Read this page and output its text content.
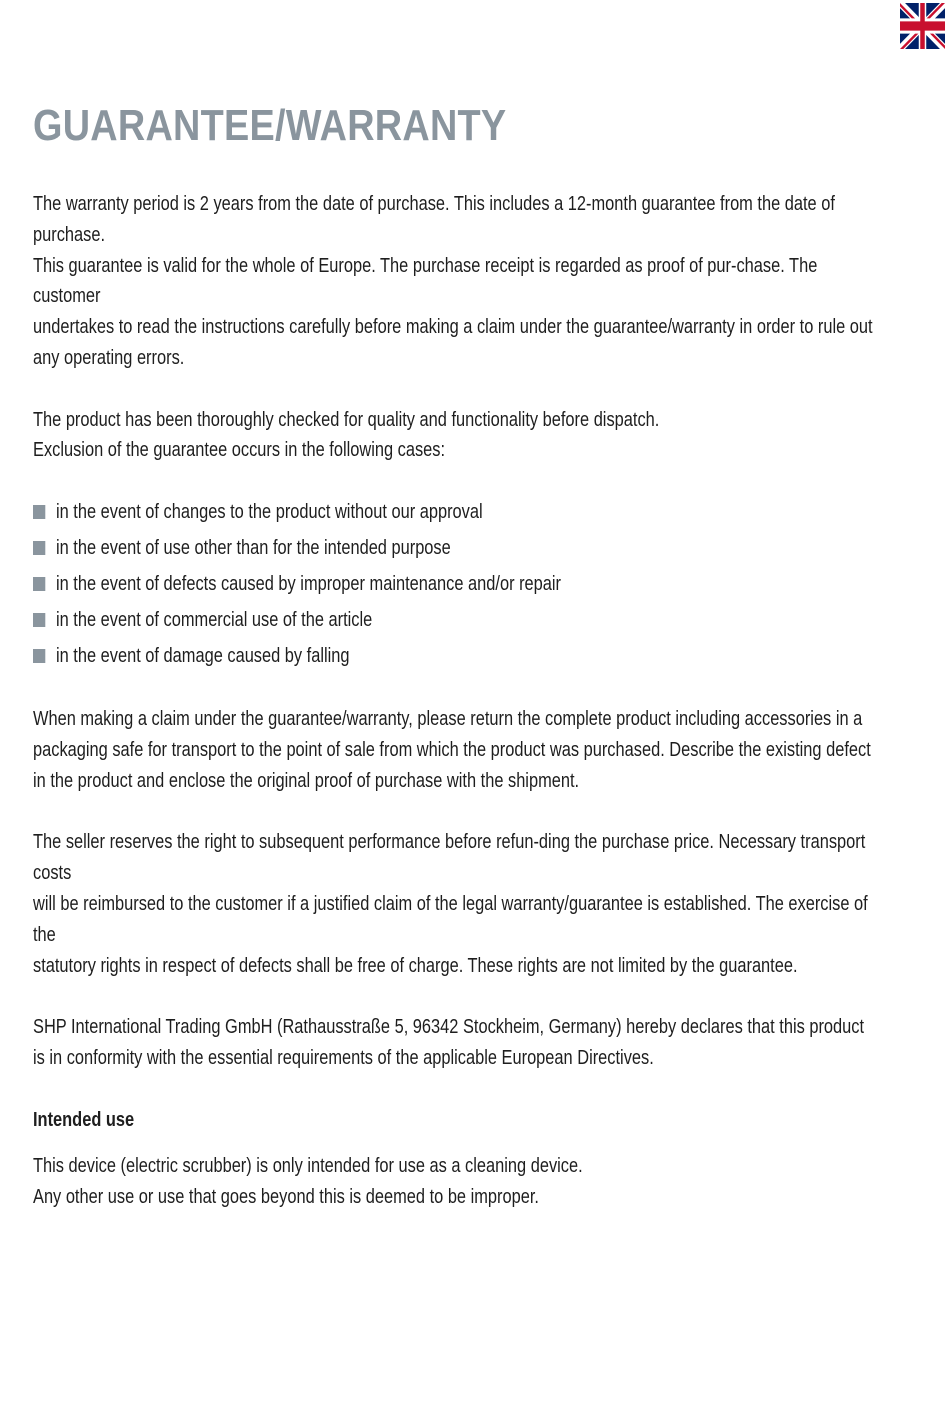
GUARANTEE/WARRANTY

The warranty period is 2 years from the date of purchase. This includes a 12-month guarantee from the date of purchase.
This guarantee is valid for the whole of Europe. The purchase receipt is regarded as proof of pur-chase. The customer
undertakes to read the instructions carefully before making a claim under the guarantee/warranty in order to rule out
any operating errors.

The product has been thoroughly checked for quality and functionality before dispatch.
Exclusion of the guarantee occurs in the following cases:

in the event of changes to the product without our approval
in the event of use other than for the intended purpose
in the event of defects caused by improper maintenance and/or repair
in the event of commercial use of the article
in the event of damage caused by falling

When making a claim under the guarantee/warranty, please return the complete product including accessories in a
packaging safe for transport to the point of sale from which the product was purchased. Describe the existing defect
in the product and enclose the original proof of purchase with the shipment.

The seller reserves the right to subsequent performance before refun-ding the purchase price. Necessary transport costs
will be reimbursed to the customer if a justified claim of the legal warranty/guarantee is established. The exercise of the
statutory rights in respect of defects shall be free of charge. These rights are not limited by the guarantee.

SHP International Trading GmbH (Rathausstraße 5, 96342 Stockheim, Germany) hereby declares that this product
is in conformity with the essential requirements of the applicable European Directives.

Intended use

This device (electric scrubber) is only intended for use as a cleaning device.
Any other use or use that goes beyond this is deemed to be improper.
